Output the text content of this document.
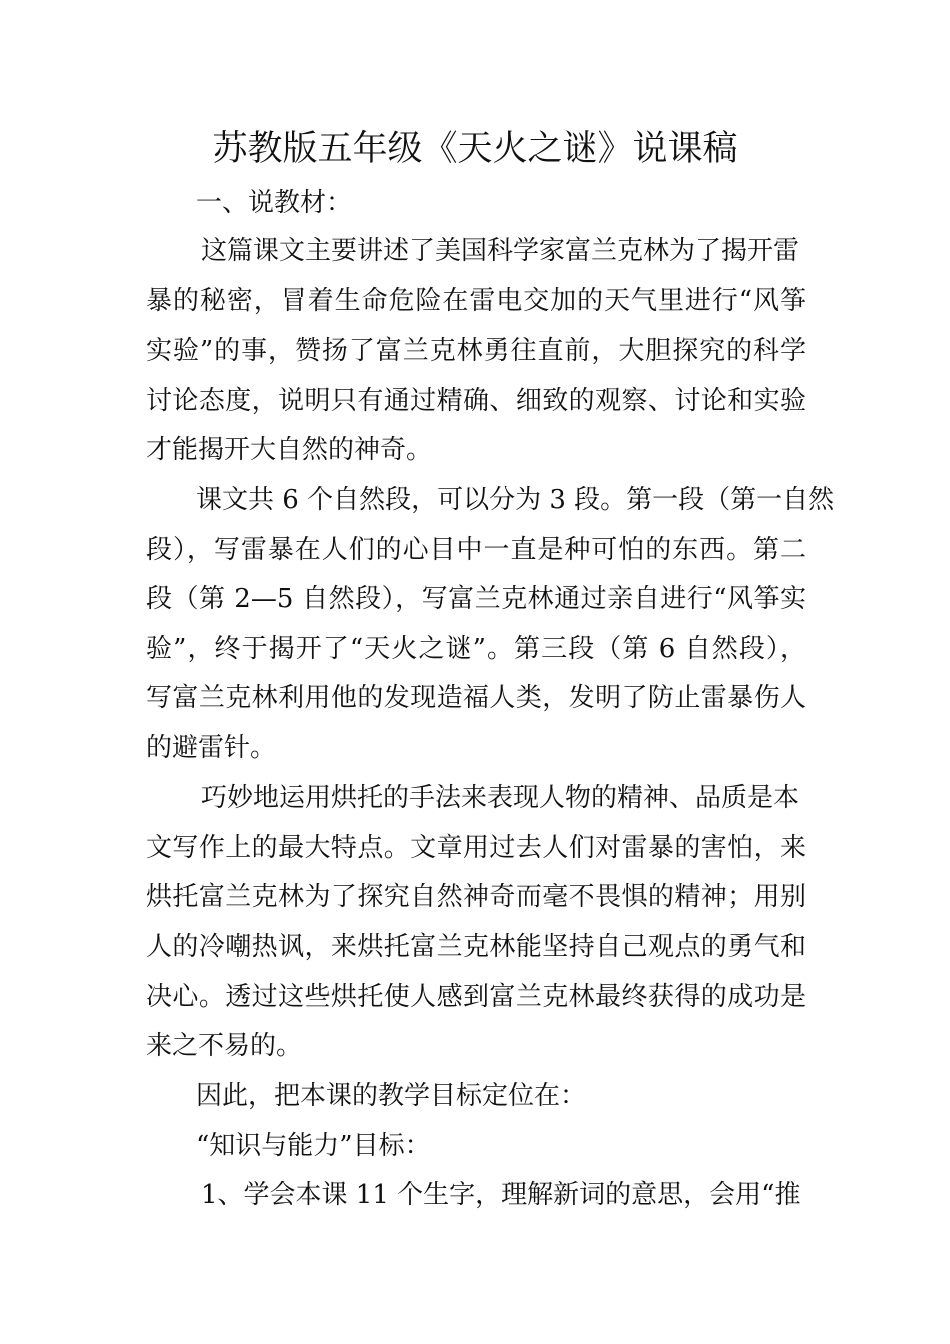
苏教版五年级《天火之谜》说课稿
一、说教材：
这篇课文主要讲述了美国科学家富兰克林为了揭开雷
暴的秘密，冒着生命危险在雷电交加的天气里进行“风筝
实验”的事，赞扬了富兰克林勇往直前，大胆探究的科学
讨论态度，说明只有通过精确、细致的观察、讨论和实验
才能揭开大自然的神奇。
课文共 6 个自然段，可以分为 3 段。第一段（第一自然
段），写雷暴在人们的心目中一直是种可怕的东西。第二
段（第 2—5 自然段），写富兰克林通过亲自进行“风筝实
验”，终于揭开了“天火之谜”。第三段（第 6 自然段），
写富兰克林利用他的发现造福人类，发明了防止雷暴伤人
的避雷针。
巧妙地运用烘托的手法来表现人物的精神、品质是本
文写作上的最大特点。文章用过去人们对雷暴的害怕，来
烘托富兰克林为了探究自然神奇而毫不畏惧的精神；用别
人的冷嘲热讽，来烘托富兰克林能坚持自己观点的勇气和
决心。透过这些烘托使人感到富兰克林最终获得的成功是
来之不易的。
因此，把本课的教学目标定位在：
“知识与能力”目标：
1、学会本课 11 个生字，理解新词的意思，会用“推
